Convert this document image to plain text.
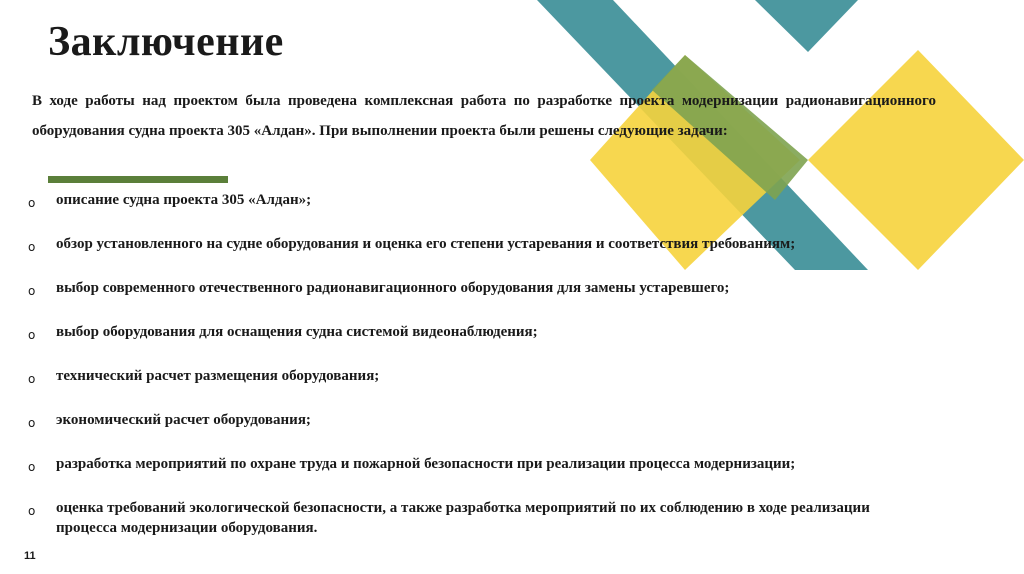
Заключение
В ходе работы над проектом была проведена комплексная работа по разработке проекта модернизации радионавигационного оборудования судна проекта 305 «Алдан». При выполнении проекта были решены следующие задачи:
o описание судна проекта 305 «Алдан»;
o обзор установленного на судне оборудования и оценка его степени устаревания и соответствия требованиям;
o выбор современного отечественного радионавигационного оборудования для замены устаревшего;
o выбор оборудования для оснащения судна системой видеонаблюдения;
o технический расчет размещения оборудования;
o экономический расчет оборудования;
o разработка мероприятий по охране труда и пожарной безопасности при реализации процесса модернизации;
o оценка требований экологической безопасности, а также разработка мероприятий по их соблюдению в ходе реализации процесса модернизации оборудования.
11
